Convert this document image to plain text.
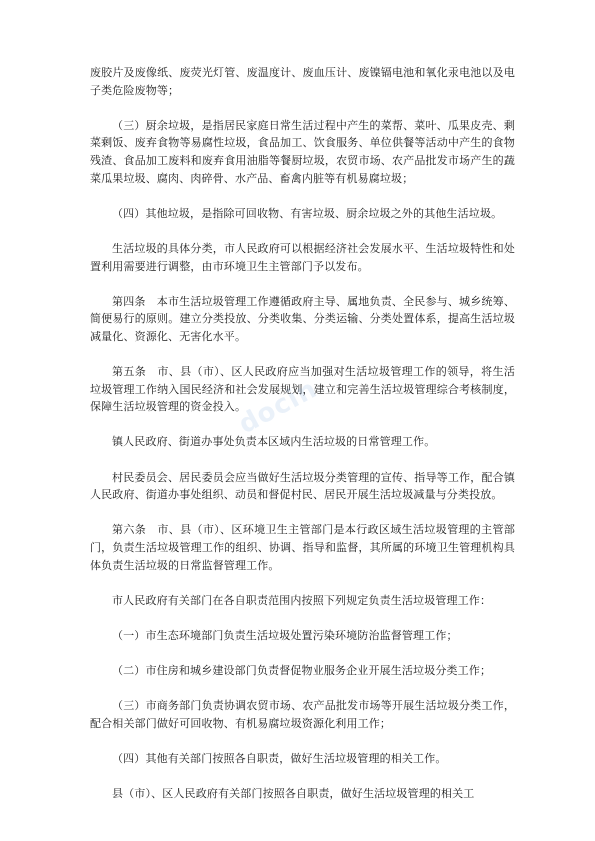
废胶片及废像纸、废荧光灯管、废温度计、废血压计、废镍镉电池和氧化汞电池以及电子类危险废物等；

（三）厨余垃圾，是指居民家庭日常生活过程中产生的菜帮、菜叶、瓜果皮壳、剩菜剩饭、废弃食物等易腐性垃圾，食品加工、饮食服务、单位供餐等活动中产生的食物残渣、食品加工废料和废弃食用油脂等餐厨垃圾，农贸市场、农产品批发市场产生的蔬菜瓜果垃圾、腐肉、肉碎骨、水产品、畜禽内脏等有机易腐垃圾；

（四）其他垃圾，是指除可回收物、有害垃圾、厨余垃圾之外的其他生活垃圾。

生活垃圾的具体分类，市人民政府可以根据经济社会发展水平、生活垃圾特性和处置利用需要进行调整，由市环境卫生主管部门予以发布。

第四条　本市生活垃圾管理工作遵循政府主导、属地负责、全民参与、城乡统筹、简便易行的原则。建立分类投放、分类收集、分类运输、分类处置体系，提高生活垃圾减量化、资源化、无害化水平。

第五条　市、县（市）、区人民政府应当加强对生活垃圾管理工作的领导，将生活垃圾管理工作纳入国民经济和社会发展规划，建立和完善生活垃圾管理综合考核制度，保障生活垃圾管理的资金投入。

镇人民政府、街道办事处负责本区域内生活垃圾的日常管理工作。

村民委员会、居民委员会应当做好生活垃圾分类管理的宣传、指导等工作，配合镇人民政府、街道办事处组织、动员和督促村民、居民开展生活垃圾减量与分类投放。

第六条　市、县（市）、区环境卫生主管部门是本行政区域生活垃圾管理的主管部门，负责生活垃圾管理工作的组织、协调、指导和监督，其所属的环境卫生管理机构具体负责生活垃圾的日常监督管理工作。

市人民政府有关部门在各自职责范围内按照下列规定负责生活垃圾管理工作：

（一）市生态环境部门负责生活垃圾处置污染环境防治监督管理工作；

（二）市住房和城乡建设部门负责督促物业服务企业开展生活垃圾分类工作；

（三）市商务部门负责协调农贸市场、农产品批发市场等开展生活垃圾分类工作，配合相关部门做好可回收物、有机易腐垃圾资源化利用工作；

（四）其他有关部门按照各自职责，做好生活垃圾管理的相关工作。

县（市）、区人民政府有关部门按照各自职责，做好生活垃圾管理的相关工

docin
